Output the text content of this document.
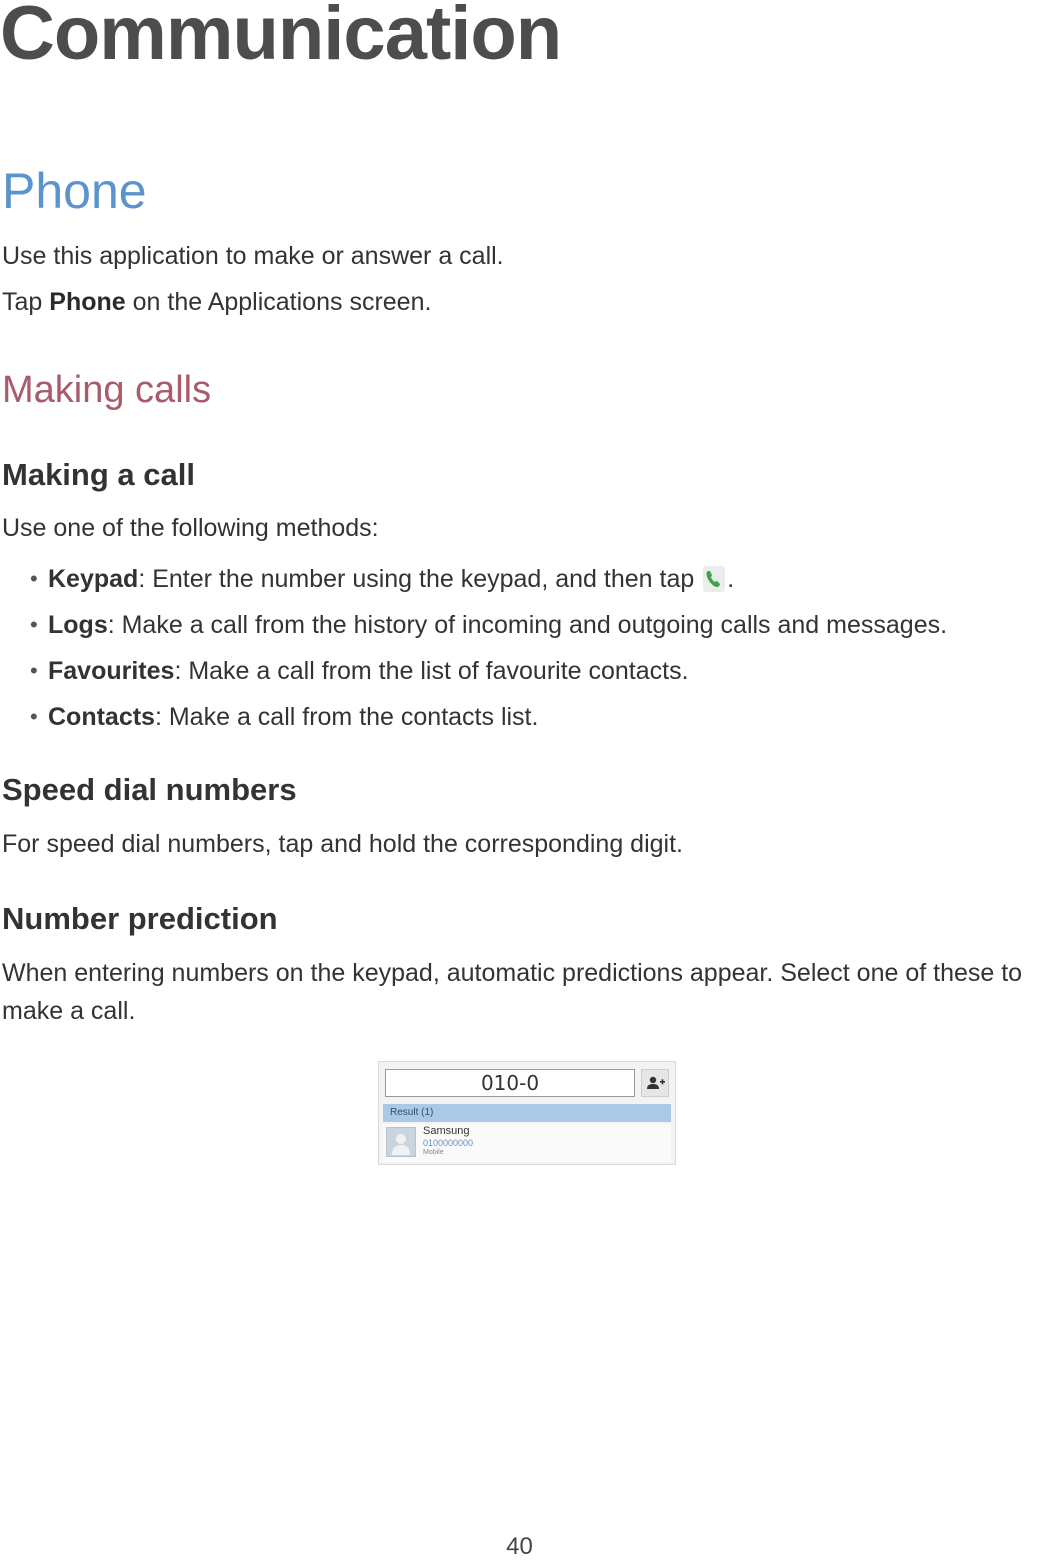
Communication
Phone
Use this application to make or answer a call.
Tap Phone on the Applications screen.
Making calls
Making a call
Use one of the following methods:
• Keypad: Enter the number using the keypad, and then tap
.
• Logs: Make a call from the history of incoming and outgoing calls and messages.
• Favourites: Make a call from the list of favourite contacts.
• Contacts: Make a call from the contacts list.
Speed dial numbers
For speed dial numbers, tap and hold the corresponding digit.
Number prediction
When entering numbers on the keypad, automatic predictions appear. Select one of these to
make a call.
010-0
Result (1)
Samsung
0100000000
Mobile
40
